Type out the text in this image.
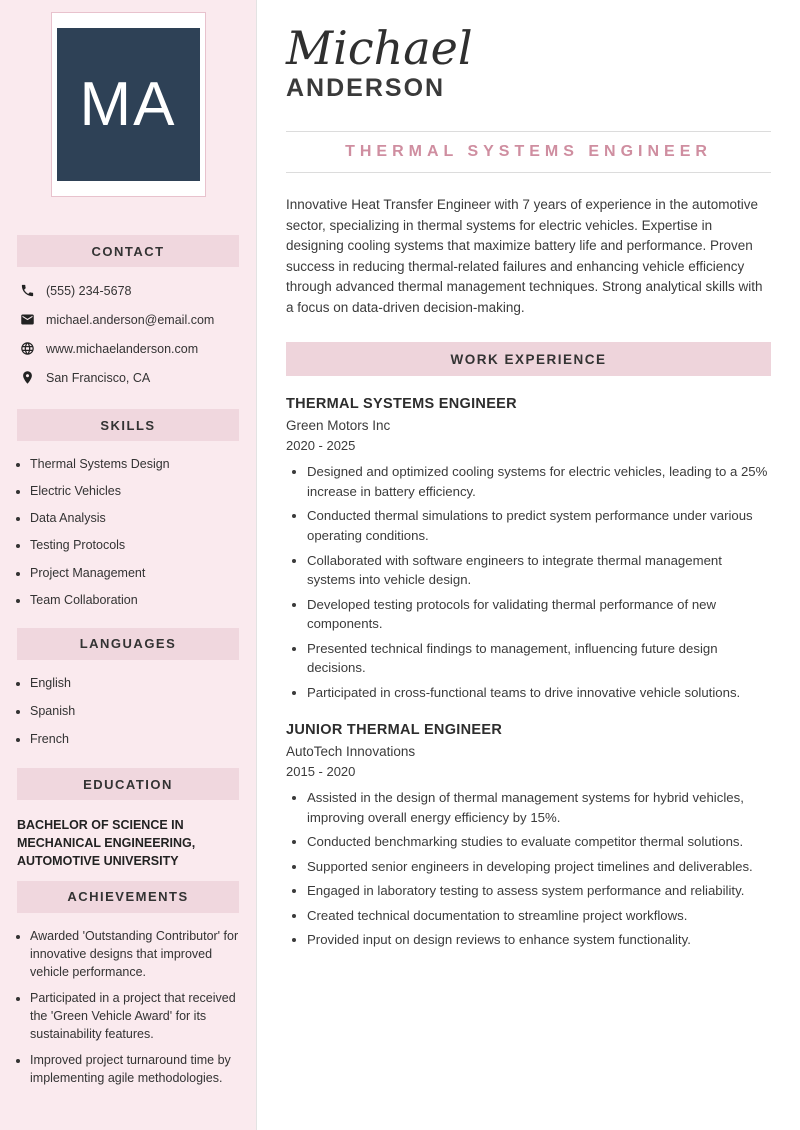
MA
CONTACT
(555) 234-5678
michael.anderson@email.com
www.michaelanderson.com
San Francisco, CA
SKILLS
• Thermal Systems Design
• Electric Vehicles
• Data Analysis
• Testing Protocols
• Project Management
• Team Collaboration
LANGUAGES
• English
• Spanish
• French
EDUCATION

BACHELOR OF SCIENCE IN MECHANICAL ENGINEERING, AUTOMOTIVE UNIVERSITY

ACHIEVEMENTS
• Awarded 'Outstanding Contributor' for innovative designs that improved vehicle performance.
• Participated in a project that received the 'Green Vehicle Award' for its sustainability features.
• Improved project turnaround time by implementing agile methodologies.
Michael
ANDERSON
THERMAL SYSTEMS ENGINEER

Innovative Heat Transfer Engineer with 7 years of experience in the automotive sector, specializing in thermal systems for electric vehicles. Expertise in designing cooling systems that maximize battery life and performance. Proven success in reducing thermal-related failures and enhancing vehicle efficiency through advanced thermal management techniques. Strong analytical skills with a focus on data-driven decision-making.

WORK EXPERIENCE
THERMAL SYSTEMS ENGINEER
Green Motors Inc
2020 - 2025
• Designed and optimized cooling systems for electric vehicles, leading to a 25% increase in battery efficiency.
• Conducted thermal simulations to predict system performance under various operating conditions.
• Collaborated with software engineers to integrate thermal management systems into vehicle design.
• Developed testing protocols for validating thermal performance of new components.
• Presented technical findings to management, influencing future design decisions.
• Participated in cross-functional teams to drive innovative vehicle solutions.
JUNIOR THERMAL ENGINEER
AutoTech Innovations
2015 - 2020
• Assisted in the design of thermal management systems for hybrid vehicles, improving overall energy efficiency by 15%.
• Conducted benchmarking studies to evaluate competitor thermal solutions.
• Supported senior engineers in developing project timelines and deliverables.
• Engaged in laboratory testing to assess system performance and reliability.
• Created technical documentation to streamline project workflows.
• Provided input on design reviews to enhance system functionality.
